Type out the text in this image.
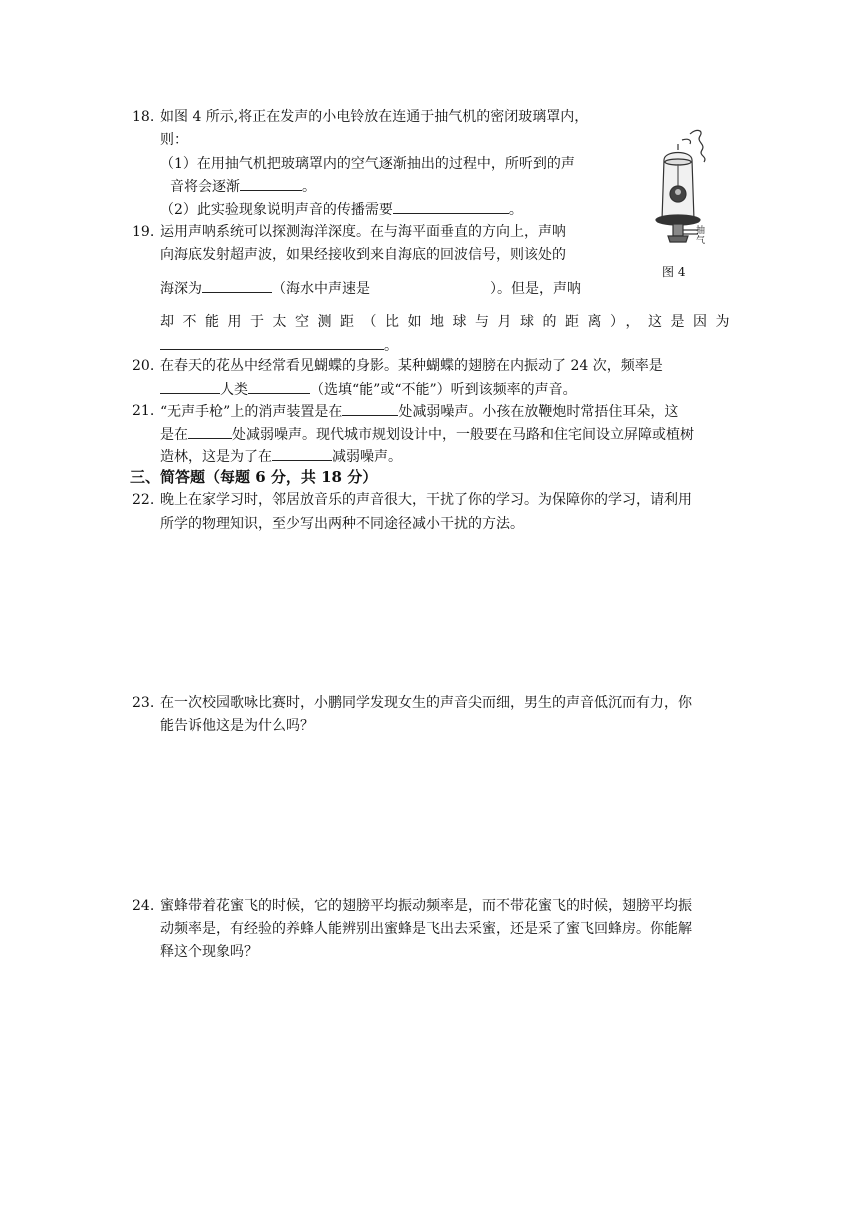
18. 如图 4 所示,将正在发声的小电铃放在连通于抽气机的密闭玻璃罩内，
则：
（1）在用抽气机把玻璃罩内的空气逐渐抽出的过程中，所听到的声
音将会逐渐	。
（2）此实验现象说明声音的传播需要	。
抽气
图 4
19. 运用声呐系统可以探测海洋深度。在与海平面垂直的方向上，声呐
向海底发射超声波，如果经接收到来自海底的回波信号，则该处的
海深为	（海水中声速是	）。但是，声呐
却不能用于太空测距（比如地球与月球的距离），这是因为
。
20. 在春天的花丛中经常看见蝴蝶的身影。某种蝴蝶的翅膀在内振动了 24 次，频率是
人类	（选填“能”或“不能”）听到该频率的声音。
21. “无声手枪”上的消声装置是在	处减弱噪声。小孩在放鞭炮时常捂住耳朵，这
是在	处减弱噪声。现代城市规划设计中，一般要在马路和住宅间设立屏障或植树
造林，这是为了在	减弱噪声。
三、简答题（每题 6 分，共 18 分）
22. 晚上在家学习时，邻居放音乐的声音很大，干扰了你的学习。为保障你的学习，请利用
所学的物理知识，至少写出两种不同途径减小干扰的方法。
23. 在一次校园歌咏比赛时，小鹏同学发现女生的声音尖而细，男生的声音低沉而有力，你
能告诉他这是为什么吗？
24. 蜜蜂带着花蜜飞的时候，它的翅膀平均振动频率是，而不带花蜜飞的时候，翅膀平均振
动频率是，有经验的养蜂人能辨别出蜜蜂是飞出去采蜜，还是采了蜜飞回蜂房。你能解
释这个现象吗？
